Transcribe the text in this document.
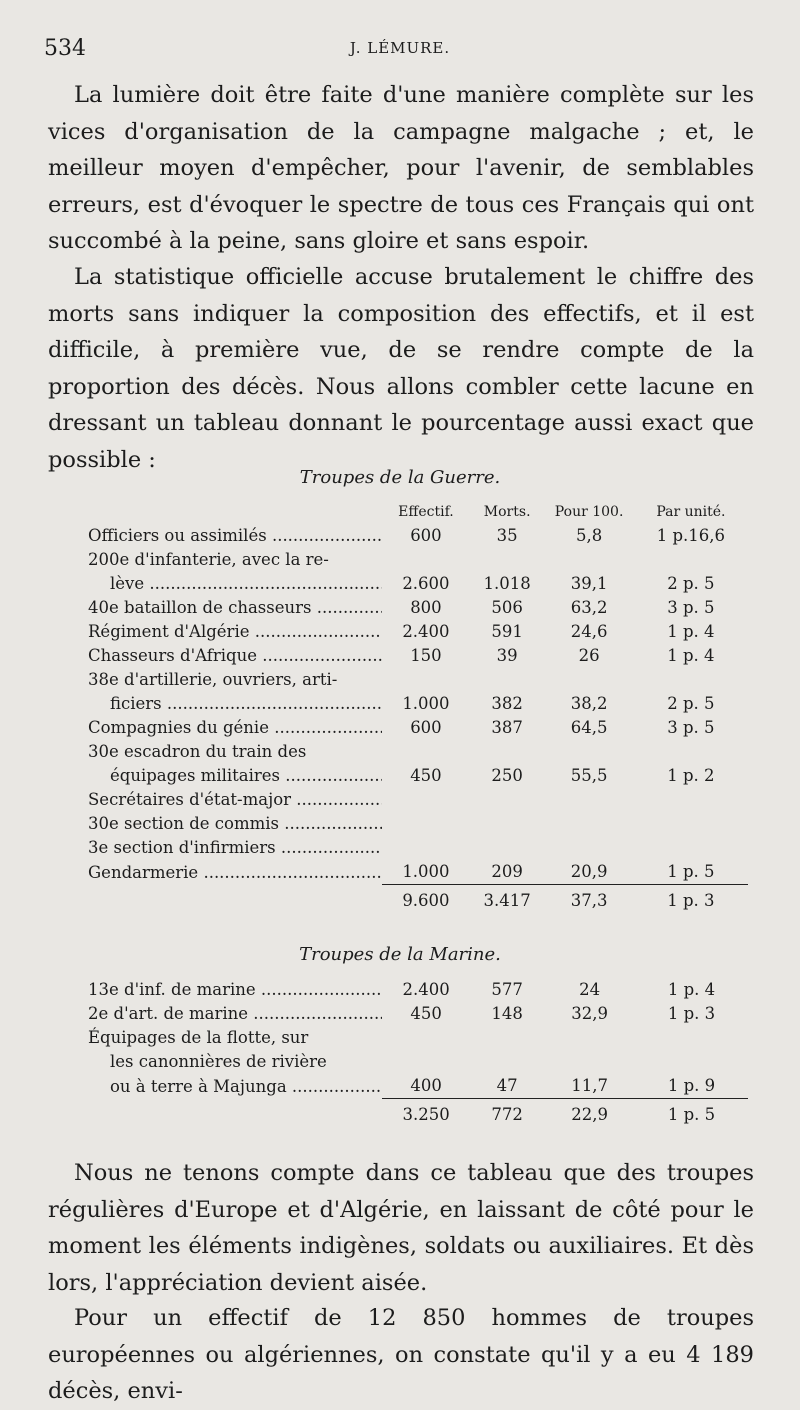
534	J. LÉMURE.

La lumière doit être faite d'une manière complète sur les vices d'organisation de la campagne malgache ; et, le meilleur moyen d'empêcher, pour l'avenir, de semblables erreurs, est d'évoquer le spectre de tous ces Français qui ont succombé à la peine, sans gloire et sans espoir.

La statistique officielle accuse brutalement le chiffre des morts sans indiquer la composition des effectifs, et il est difficile, à première vue, de se rendre compte de la proportion des décès. Nous allons combler cette lacune en dressant un tableau donnant le pourcentage aussi exact que possible :

Troupes de la Guerre.
	Effectif.	Morts.	Pour 100.	Par unité.
Officiers ou assimilés .....	600	35	5,8	1 p.16,6
200e d'infanterie, avec la re-				
lève .....	2.600	1.018	39,1	2 p. 5
40e bataillon de chasseurs .....	800	506	63,2	3 p. 5
Régiment d'Algérie .....	2.400	591	24,6	1 p. 4
Chasseurs d'Afrique .....	150	39	26	1 p. 4
38e d'artillerie, ouvriers, arti-				
ficiers .....	1.000	382	38,2	2 p. 5
Compagnies du génie .....	600	387	64,5	3 p. 5
30e escadron du train des				
équipages militaires .....	450	250	55,5	1 p. 2
Secrétaires d'état-major .....				
30e section de commis .....				
3e section d'infirmiers .....				
Gendarmerie .....	1.000	209	20,9	1 p. 5
	9.600	3.417	37,3	1 p. 3
Troupes de la Marine.
13e d'inf. de marine .....	2.400	577	24	1 p. 4
2e d'art. de marine .....	450	148	32,9	1 p. 3
Équipages de la flotte, sur				
les canonnières de rivière				
ou à terre à Majunga .....	400	47	11,7	1 p. 9
	3.250	772	22,9	1 p. 5

Nous ne tenons compte dans ce tableau que des troupes régulières d'Europe et d'Algérie, en laissant de côté pour le moment les éléments indigènes, soldats ou auxiliaires. Et dès lors, l'appréciation devient aisée.

Pour un effectif de 12 850 hommes de troupes européennes ou algériennes, on constate qu'il y a eu 4 189 décès, envi-
